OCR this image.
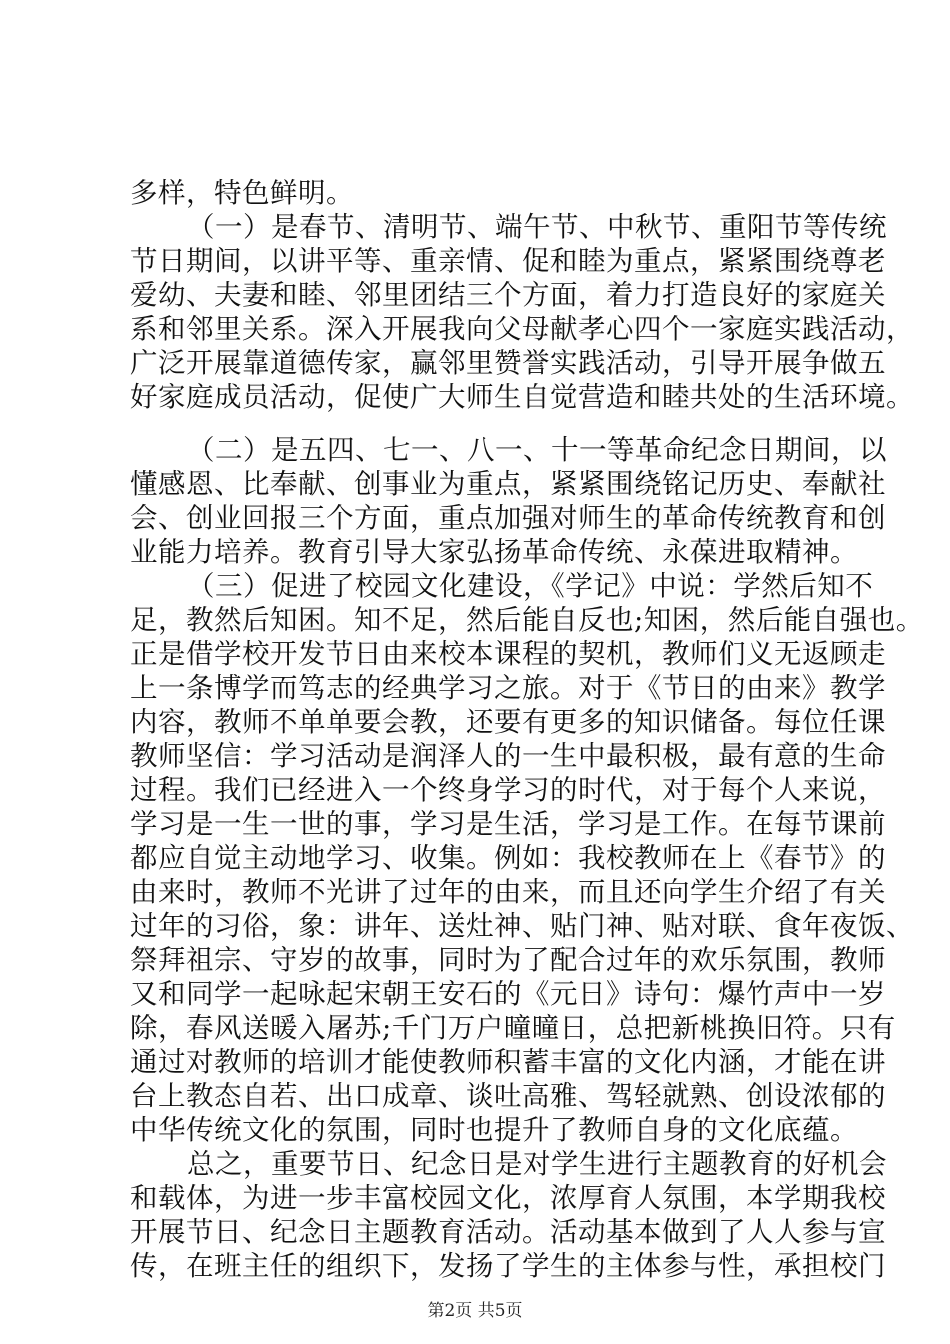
多样，特色鲜明。
（一）是春节、清明节、端午节、中秋节、重阳节等传统
节日期间，以讲平等、重亲情、促和睦为重点，紧紧围绕尊老
爱幼、夫妻和睦、邻里团结三个方面，着力打造良好的家庭关
系和邻里关系。深入开展我向父母献孝心四个一家庭实践活动，
广泛开展靠道德传家，赢邻里赞誉实践活动，引导开展争做五
好家庭成员活动，促使广大师生自觉营造和睦共处的生活环境。
（二）是五四、七一、八一、十一等革命纪念日期间，以
懂感恩、比奉献、创事业为重点，紧紧围绕铭记历史、奉献社
会、创业回报三个方面，重点加强对师生的革命传统教育和创
业能力培养。教育引导大家弘扬革命传统、永葆进取精神。
（三）促进了校园文化建设，《学记》中说：学然后知不
足，教然后知困。知不足，然后能自反也;知困，然后能自强也。
正是借学校开发节日由来校本课程的契机，教师们义无返顾走
上一条博学而笃志的经典学习之旅。对于《节日的由来》教学
内容，教师不单单要会教，还要有更多的知识储备。每位任课
教师坚信：学习活动是润泽人的一生中最积极，最有意的生命
过程。我们已经进入一个终身学习的时代，对于每个人来说，
学习是一生一世的事，学习是生活，学习是工作。在每节课前
都应自觉主动地学习、收集。例如：我校教师在上《春节》的
由来时，教师不光讲了过年的由来，而且还向学生介绍了有关
过年的习俗，象：讲年、送灶神、贴门神、贴对联、食年夜饭、
祭拜祖宗、守岁的故事，同时为了配合过年的欢乐氛围，教师
又和同学一起咏起宋朝王安石的《元日》诗句：爆竹声中一岁
除，春风送暖入屠苏;千门万户曈曈日，总把新桃换旧符。只有
通过对教师的培训才能使教师积蓄丰富的文化内涵，才能在讲
台上教态自若、出口成章、谈吐高雅、驾轻就熟、创设浓郁的
中华传统文化的氛围，同时也提升了教师自身的文化底蕴。
总之，重要节日、纪念日是对学生进行主题教育的好机会
和载体，为进一步丰富校园文化，浓厚育人氛围，本学期我校
开展节日、纪念日主题教育活动。活动基本做到了人人参与宣
传，在班主任的组织下，发扬了学生的主体参与性，承担校门
第2页 共5页
